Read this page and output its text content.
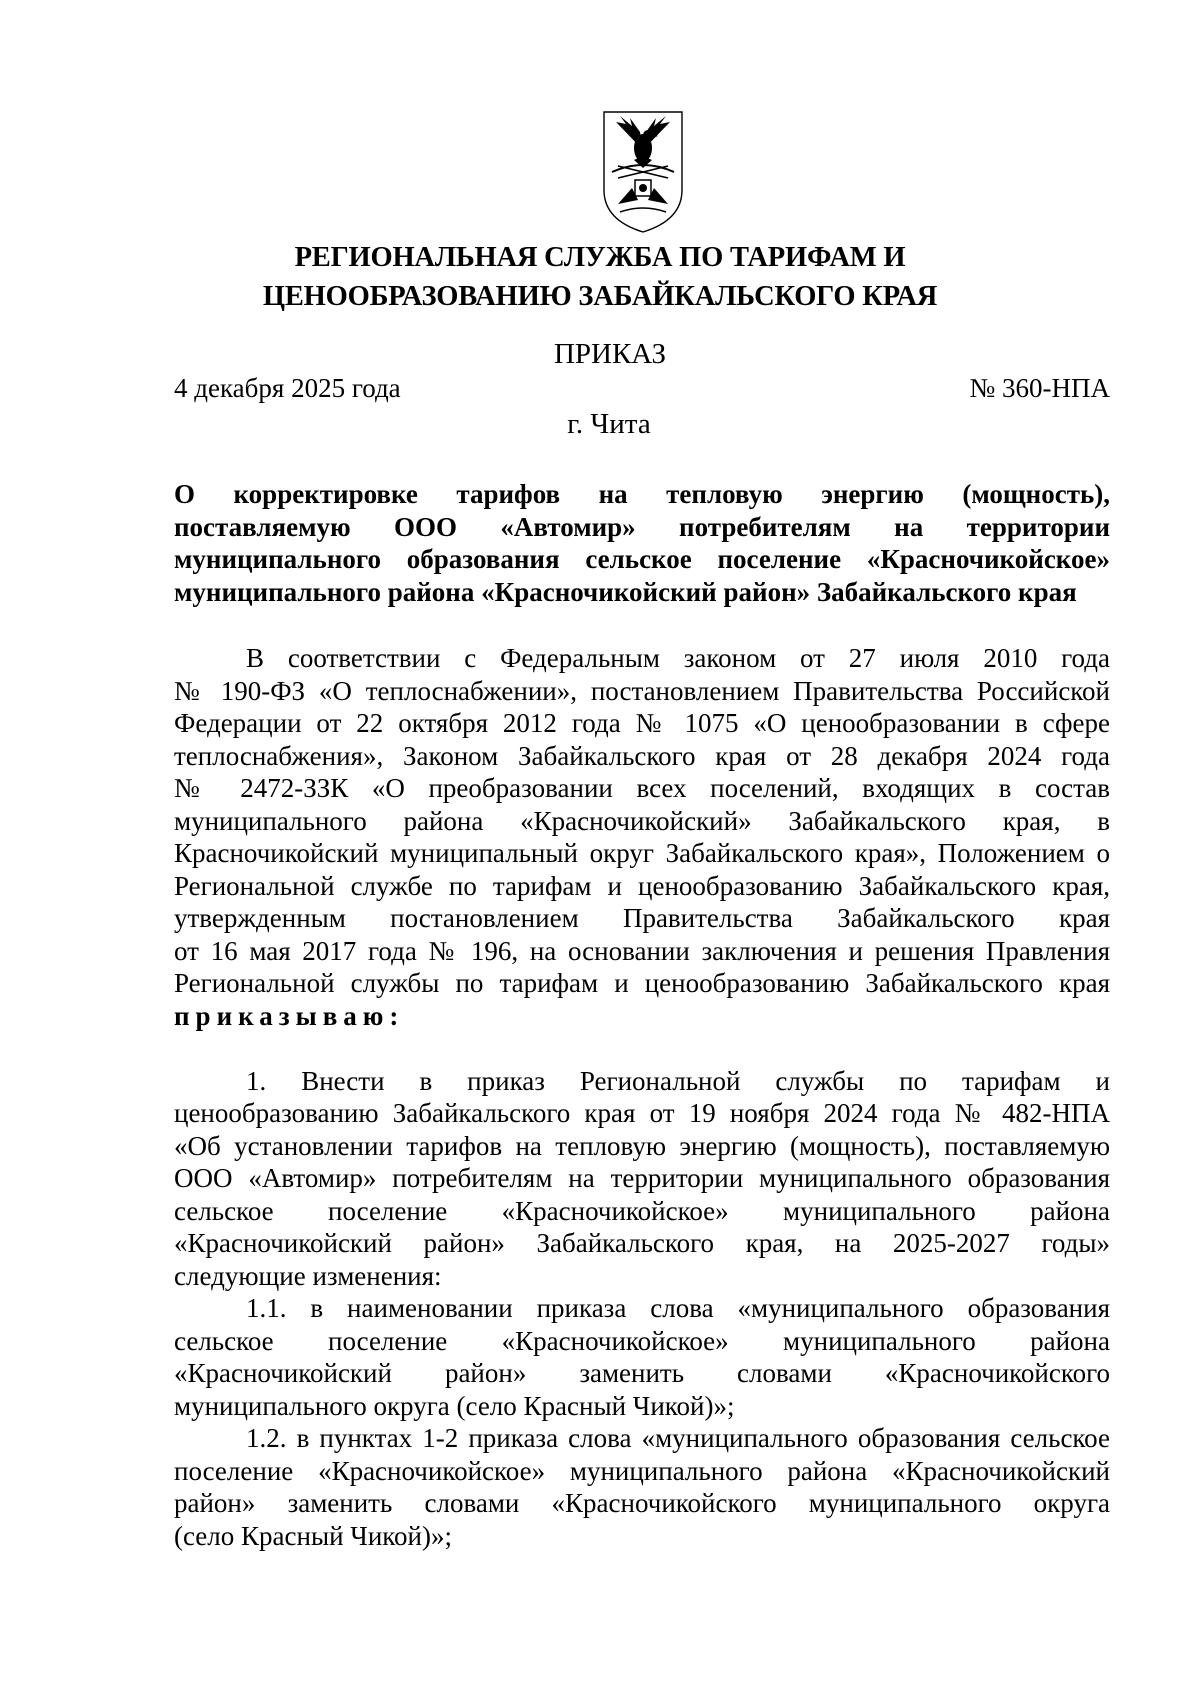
РЕГИОНАЛЬНАЯ СЛУЖБА ПО ТАРИФАМ И
ЦЕНООБРАЗОВАНИЮ ЗАБАЙКАЛЬСКОГО КРАЯ
ПРИКАЗ
4 декабря 2025 года	№ 360-НПА
г. Чита
О корректировке тарифов на тепловую энергию (мощность),
поставляемую ООО «Автомир» потребителям на территории
муниципального образования сельское поселение «Красночикойское»
муниципального района «Красночикойский район» Забайкальского края
В соответствии с Федеральным законом от 27 июля 2010 года
№ 190-ФЗ «О теплоснабжении», постановлением Правительства Российской
Федерации от 22 октября 2012 года № 1075 «О ценообразовании в сфере
теплоснабжения», Законом Забайкальского края от 28 декабря 2024 года
№ 2472-ЗЗК «О преобразовании всех поселений, входящих в состав
муниципального района «Красночикойский» Забайкальского края, в
Красночикойский муниципальный округ Забайкальского края», Положением о
Региональной службе по тарифам и ценообразованию Забайкальского края,
утвержденным постановлением Правительства Забайкальского края
от 16 мая 2017 года № 196, на основании заключения и решения Правления
Региональной службы по тарифам и ценообразованию Забайкальского края
приказываю:
1. Внести в приказ Региональной службы по тарифам и
ценообразованию Забайкальского края от 19 ноября 2024 года № 482-НПА
«Об установлении тарифов на тепловую энергию (мощность), поставляемую
ООО «Автомир» потребителям на территории муниципального образования
сельское поселение «Красночикойское» муниципального района
«Красночикойский район» Забайкальского края, на 2025-2027 годы»
следующие изменения:
1.1. в наименовании приказа слова «муниципального образования
сельское поселение «Красночикойское» муниципального района
«Красночикойский район» заменить словами «Красночикойского
муниципального округа (село Красный Чикой)»;
1.2. в пунктах 1-2 приказа слова «муниципального образования сельское
поселение «Красночикойское» муниципального района «Красночикойский
район» заменить словами «Красночикойского муниципального округа
(село Красный Чикой)»;
